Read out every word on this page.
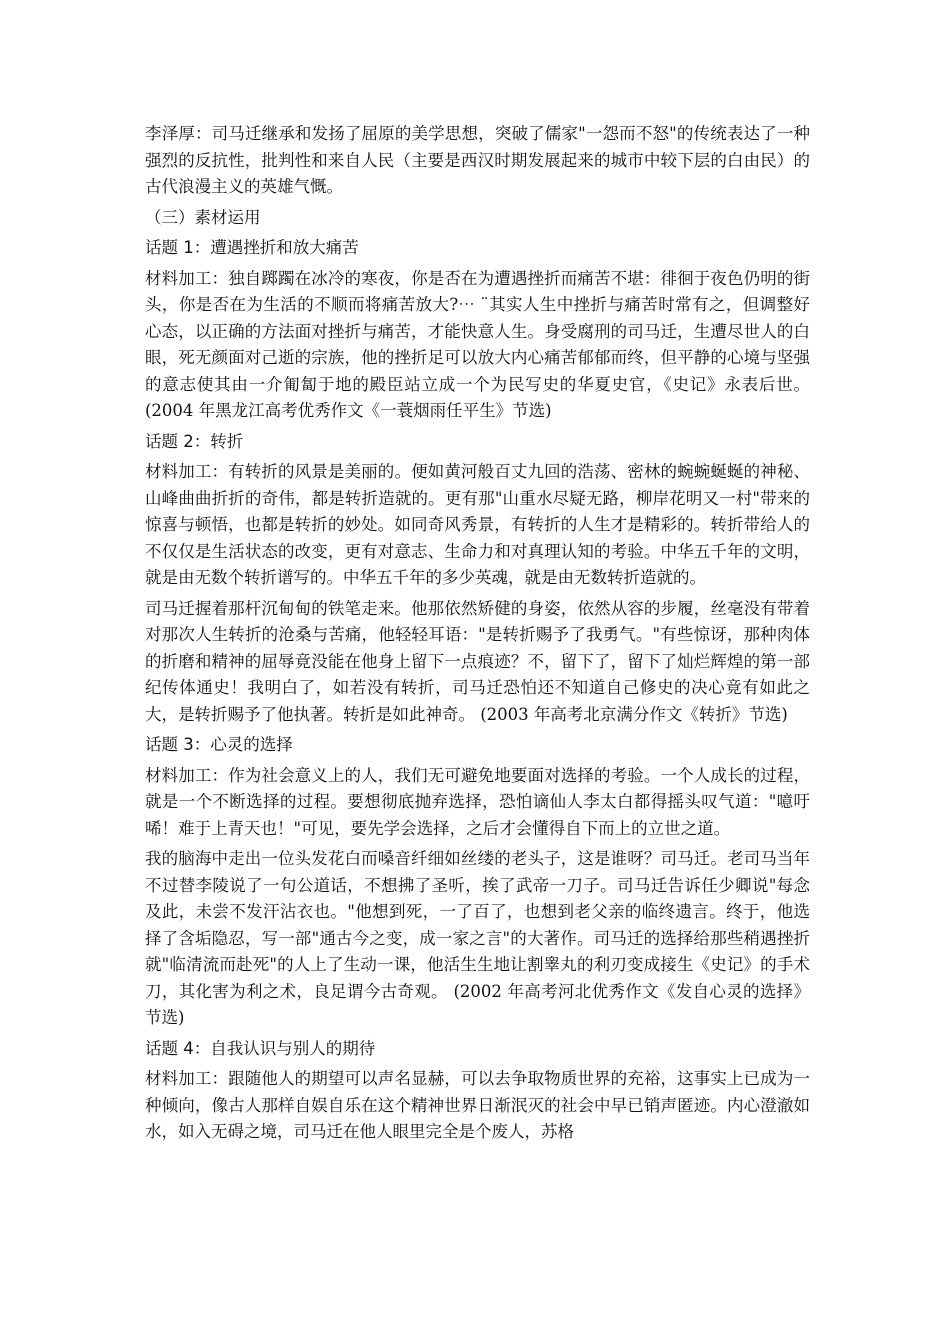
李泽厚：司马迁继承和发扬了屈原的美学思想，突破了儒家"一怨而不怒"的传统表达了一种强烈的反抗性，批判性和来自人民（主要是西汉时期发展起来的城市中较下层的白由民）的古代浪漫主义的英雄气慨。

（三）素材运用

话题 1：遭遇挫折和放大痛苦

材料加工：独自踯躅在冰冷的寒夜，你是否在为遭遇挫折而痛苦不堪：徘徊于夜色仍明的街头，你是否在为生活的不顺而将痛苦放大?⋯ ¨其实人生中挫折与痛苦时常有之，但调整好心态，以正确的方法面对挫折与痛苦，才能快意人生。身受腐刑的司马迁，生遭尽世人的白眼，死无颜面对己逝的宗族，他的挫折足可以放大内心痛苦郁郁而终，但平静的心境与坚强的意志使其由一介匍匐于地的殿臣站立成一个为民写史的华夏史官，《史记》永表后世。(2004 年黑龙江高考优秀作文《一蓑烟雨任平生》节选)

话题 2：转折

材料加工：有转折的风景是美丽的。便如黄河般百丈九回的浩荡、密林的蜿蜿蜒蜒的神秘、山峰曲曲折折的奇伟，都是转折造就的。更有那"山重水尽疑无路，柳岸花明又一村"带来的惊喜与顿悟，也都是转折的妙处。如同奇风秀景，有转折的人生才是精彩的。转折带给人的不仅仅是生活状态的改变，更有对意志、生命力和对真理认知的考验。中华五千年的文明，就是由无数个转折谱写的。中华五千年的多少英魂，就是由无数转折造就的。

司马迁握着那杆沉甸甸的铁笔走来。他那依然矫健的身姿，依然从容的步履，丝毫没有带着对那次人生转折的沧桑与苦痛，他轻轻耳语："是转折赐予了我勇气。"有些惊讶，那种肉体的折磨和精神的屈辱竟没能在他身上留下一点痕迹？不，留下了，留下了灿烂辉煌的第一部纪传体通史！我明白了，如若没有转折，司马迁恐怕还不知道自己修史的决心竟有如此之大，是转折赐予了他执著。转折是如此神奇。 (2003 年高考北京满分作文《转折》节选)

话题 3：心灵的选择

材料加工：作为社会意义上的人，我们无可避免地要面对选择的考验。一个人成长的过程，就是一个不断选择的过程。要想彻底抛弃选择，恐怕谪仙人李太白都得摇头叹气道："噫吁唏！难于上青天也！"可见，要先学会选择，之后才会懂得自下而上的立世之道。

我的脑海中走出一位头发花白而嗓音纤细如丝缕的老头子，这是谁呀？司马迁。老司马当年不过替李陵说了一句公道话，不想拂了圣听，挨了武帝一刀子。司马迁告诉任少卿说"每念及此，未尝不发汗沾衣也。"他想到死，一了百了，也想到老父亲的临终遗言。终于，他选择了含垢隐忍，写一部"通古今之变，成一家之言"的大著作。司马迁的选择给那些稍遇挫折就"临清流而赴死"的人上了生动一课，他活生生地让割睾丸的利刃变成接生《史记》的手术刀，其化害为利之术，良足谓今古奇观。 (2002 年高考河北优秀作文《发自心灵的选择》节选)

话题 4：自我认识与别人的期待

材料加工：跟随他人的期望可以声名显赫，可以去争取物质世界的充裕，这事实上已成为一种倾向，像古人那样自娱自乐在这个精神世界日渐泯灭的社会中早已销声匿迹。内心澄澈如水，如入无碍之境，司马迁在他人眼里完全是个废人，苏格
